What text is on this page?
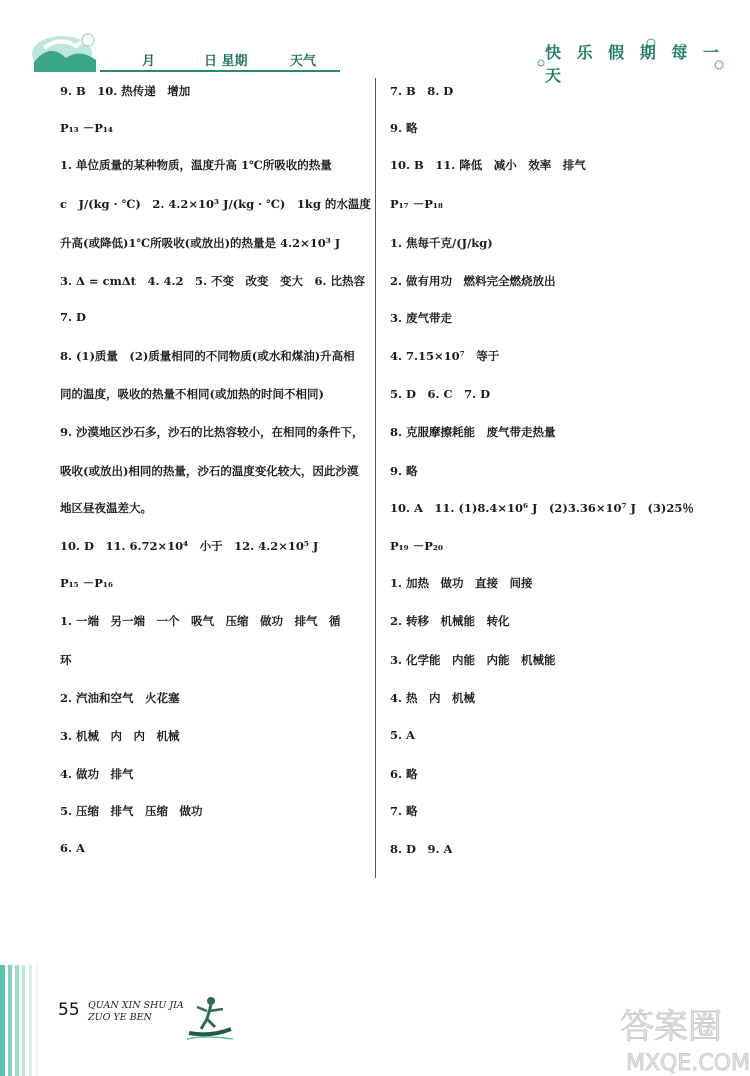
月	日 星期	天气	快 乐 假 期 每 一 天
9. B　10. 热传递　增加
P₁₃ －P₁₄
1. 单位质量的某种物质，温度升高 1℃所吸收的热量
c　J/(kg · ℃)　2. 4.2×10³ J/(kg · ℃)　1kg 的水温度
升高(或降低)1℃所吸收(或放出)的热量是 4.2×10³ J
3. Δ = cmΔt　4. 4.2　5. 不变　改变　变大　6. 比热容
7. D
8. (1)质量　(2)质量相同的不同物质(或水和煤油)升高相
同的温度，吸收的热量不相同(或加热的时间不相同)
9. 沙漠地区沙石多，沙石的比热容较小，在相同的条件下，
吸收(或放出)相同的热量，沙石的温度变化较大，因此沙漠
地区昼夜温差大。
10. D　11. 6.72×10⁴　小于　12. 4.2×10⁵ J
P₁₅ －P₁₆
1. 一端　另一端　一个　吸气　压缩　做功　排气　循
环
2. 汽油和空气　火花塞
3. 机械　内　内　机械
4. 做功　排气
5. 压缩　排气　压缩　做功
6. A
7. B　8. D
9. 略
10. B　11. 降低　减小　效率　排气
P₁₇ －P₁₈
1. 焦每千克/(J/kg)
2. 做有用功　燃料完全燃烧放出
3. 废气带走
4. 7.15×10⁷　等于
5. D　6. C　7. D
8. 克服摩擦耗能　废气带走热量
9. 略
10. A　11. (1)8.4×10⁶ J　(2)3.36×10⁷ J　(3)25％
P₁₉ －P₂₀
1. 加热　做功　直接　间接
2. 转移　机械能　转化
3. 化学能　内能　内能　机械能
4. 热　内　机械
5. A
6. 略
7. 略
8. D　9. A
55 QUAN XIN SHU JIA
ZUO YE BEN	答案圈
MXQE.COM
